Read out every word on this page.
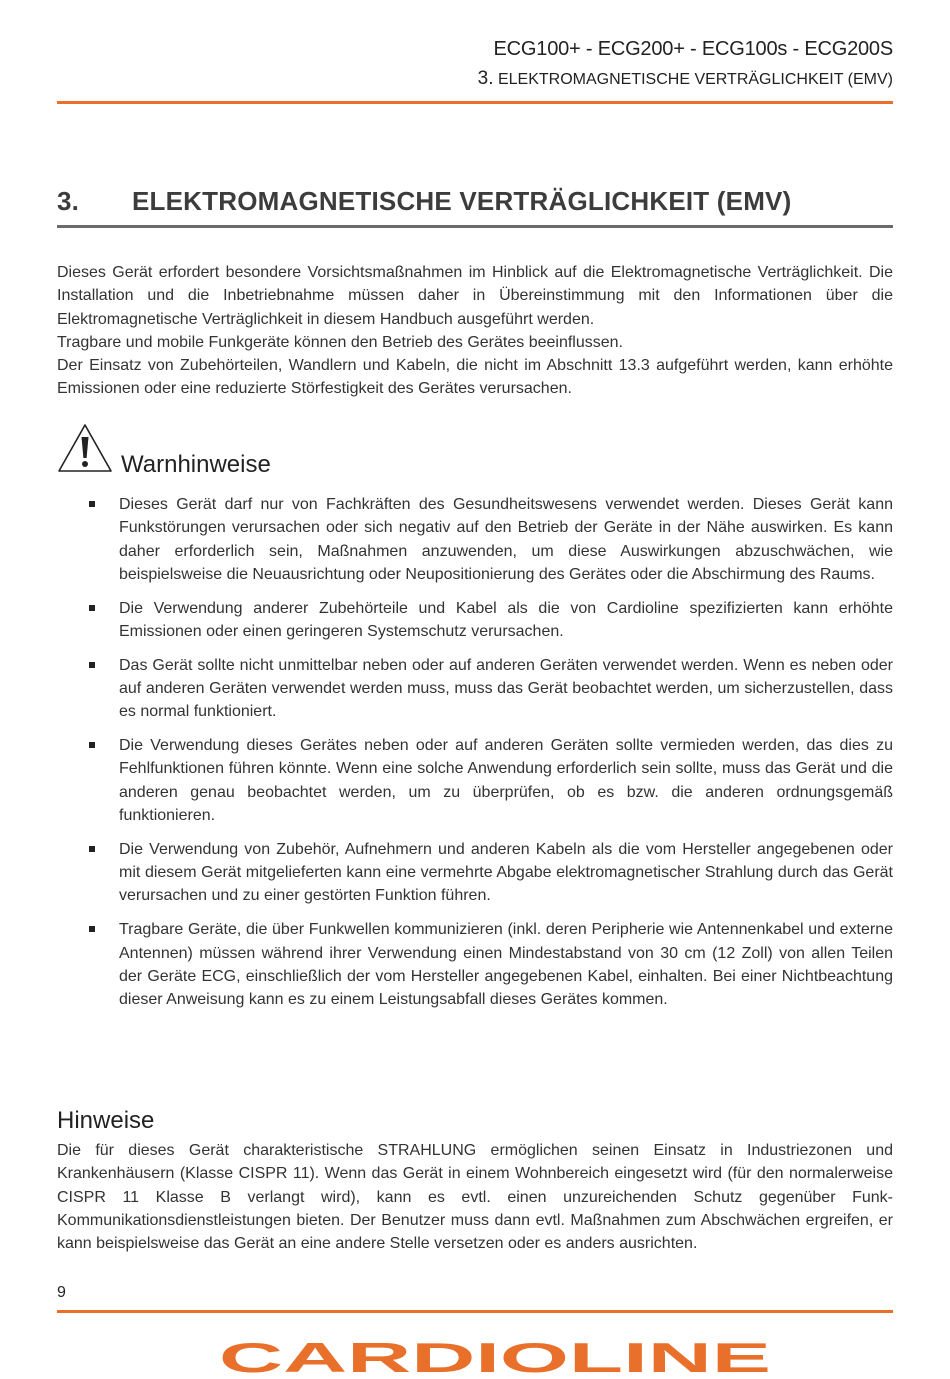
ECG100+ - ECG200+ - ECG100s - ECG200S
3. ELEKTROMAGNETISCHE VERTRÄGLICHKEIT (EMV)
3.	ELEKTROMAGNETISCHE VERTRÄGLICHKEIT (EMV)

Dieses Gerät erfordert besondere Vorsichtsmaßnahmen im Hinblick auf die Elektromagnetische Verträglichkeit. Die Installation und die Inbetriebnahme müssen daher in Übereinstimmung mit den Informationen über die Elektromagnetische Verträglichkeit in diesem Handbuch ausgeführt werden.

Tragbare und mobile Funkgeräte können den Betrieb des Gerätes beeinflussen.

Der Einsatz von Zubehörteilen, Wandlern und Kabeln, die nicht im Abschnitt 13.3 aufgeführt werden, kann erhöhte Emissionen oder eine reduzierte Störfestigkeit des Gerätes verursachen.

Warnhinweise
Dieses Gerät darf nur von Fachkräften des Gesundheitswesens verwendet werden. Dieses Gerät kann Funkstörungen verursachen oder sich negativ auf den Betrieb der Geräte in der Nähe auswirken. Es kann daher erforderlich sein, Maßnahmen anzuwenden, um diese Auswirkungen abzuschwächen, wie beispielsweise die Neuausrichtung oder Neupositionierung des Gerätes oder die Abschirmung des Raums.
Die Verwendung anderer Zubehörteile und Kabel als die von Cardioline spezifizierten kann erhöhte Emissionen oder einen geringeren Systemschutz verursachen.
Das Gerät sollte nicht unmittelbar neben oder auf anderen Geräten verwendet werden. Wenn es neben oder auf anderen Geräten verwendet werden muss, muss das Gerät beobachtet werden, um sicherzustellen, dass es normal funktioniert.
Die Verwendung dieses Gerätes neben oder auf anderen Geräten sollte vermieden werden, das dies zu Fehlfunktionen führen könnte. Wenn eine solche Anwendung erforderlich sein sollte, muss das Gerät und die anderen genau beobachtet werden, um zu überprüfen, ob es bzw. die anderen ordnungsgemäß funktionieren.
Die Verwendung von Zubehör, Aufnehmern und anderen Kabeln als die vom Hersteller angegebenen oder mit diesem Gerät mitgelieferten kann eine vermehrte Abgabe elektromagnetischer Strahlung durch das Gerät verursachen und zu einer gestörten Funktion führen.
Tragbare Geräte, die über Funkwellen kommunizieren (inkl. deren Peripherie wie Antennenkabel und externe Antennen) müssen während ihrer Verwendung einen Mindestabstand von 30 cm (12 Zoll) von allen Teilen der Geräte ECG, einschließlich der vom Hersteller angegebenen Kabel, einhalten. Bei einer Nichtbeachtung dieser Anweisung kann es zu einem Leistungsabfall dieses Gerätes kommen.
Hinweise

Die für dieses Gerät charakteristische STRAHLUNG ermöglichen seinen Einsatz in Industriezonen und Krankenhäusern (Klasse CISPR 11). Wenn das Gerät in einem Wohnbereich eingesetzt wird (für den normalerweise CISPR 11 Klasse B verlangt wird), kann es evtl. einen unzureichenden Schutz gegenüber Funk-Kommunikationsdienstleistungen bieten. Der Benutzer muss dann evtl. Maßnahmen zum Abschwächen ergreifen, er kann beispielsweise das Gerät an eine andere Stelle versetzen oder es anders ausrichten.

9
CARDIOLINE
